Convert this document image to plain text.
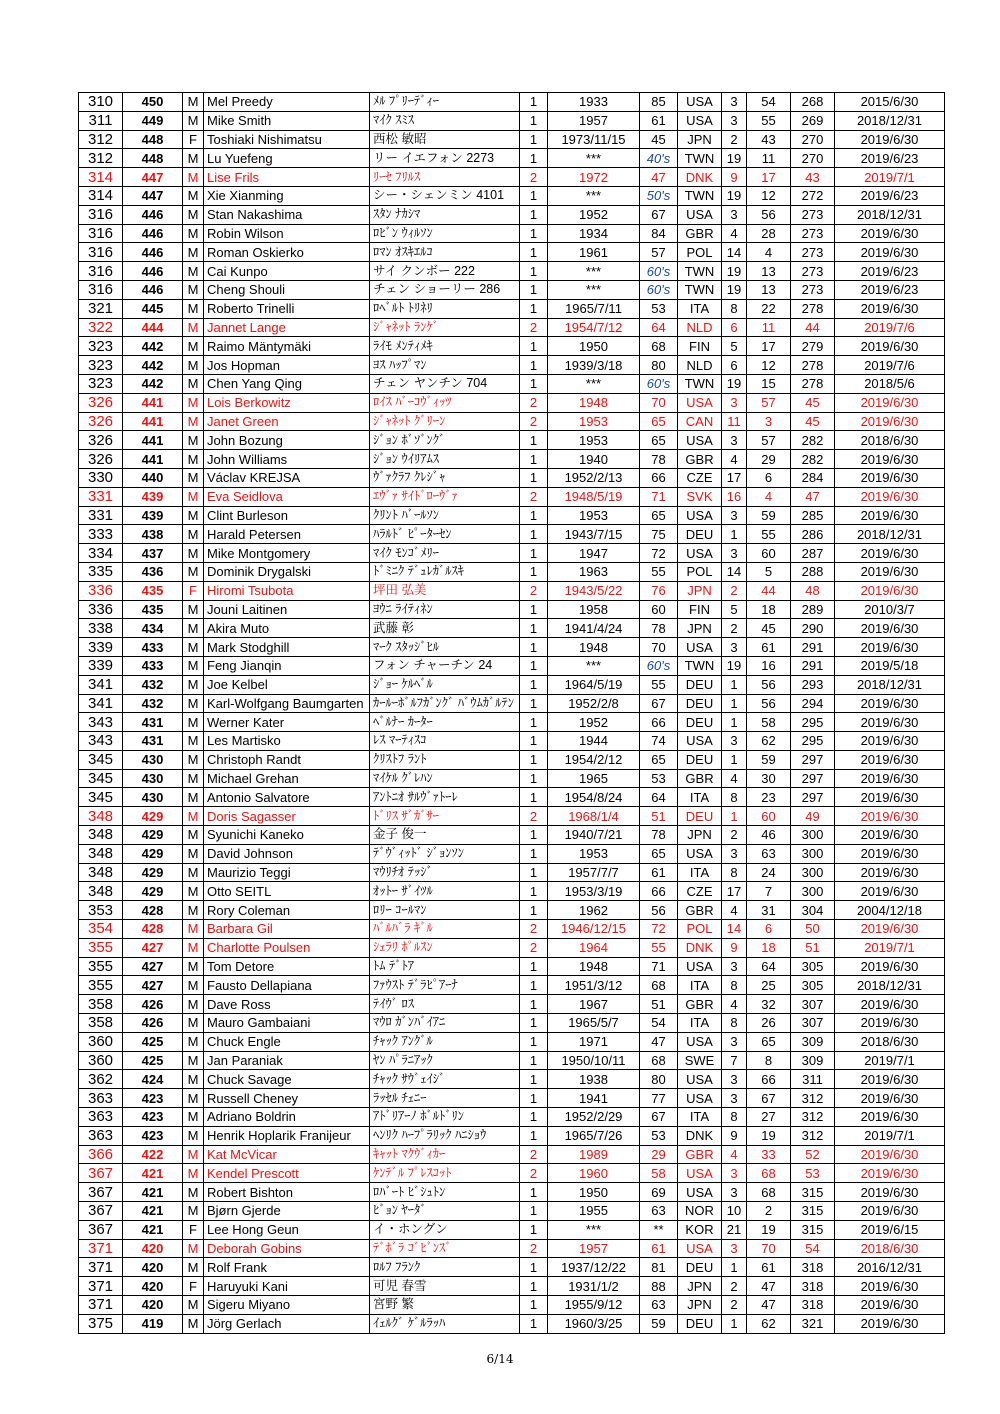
310	450	M	Mel Preedy	ﾒﾙ ﾌﾟﾘｰﾃﾞｨｰ	1	1933	85	USA	3	54	268	2015/6/30
311	449	M	Mike Smith	ﾏｲｸ ｽﾐｽ	1	1957	61	USA	3	55	269	2018/12/31
312	448	F	Toshiaki Nishimatsu	西松 敏昭	1	1973/11/15	45	JPN	2	43	270	2019/6/30
312	448	M	Lu Yuefeng	リー イエフォン 2273	1	***	40's	TWN	19	11	270	2019/6/23
314	447	M	Lise Frils	ﾘｰｾ ﾌﾘﾙｽ	2	1972	47	DNK	9	17	43	2019/7/1
314	447	M	Xie Xianming	シー・シェンミン 4101	1	***	50's	TWN	19	12	272	2019/6/23
316	446	M	Stan Nakashima	ｽﾀﾝ ﾅｶｼﾏ	1	1952	67	USA	3	56	273	2018/12/31
316	446	M	Robin Wilson	ﾛﾋﾞﾝ ｳｨﾙｿﾝ	1	1934	84	GBR	4	28	273	2019/6/30
316	446	M	Roman Oskierko	ﾛﾏﾝ ｵｽｷｴﾙｺ	1	1961	57	POL	14	4	273	2019/6/30
316	446	M	Cai Kunpo	サイ クンボー 222	1	***	60's	TWN	19	13	273	2019/6/23
316	446	M	Cheng Shouli	チェン ショーリー 286	1	***	60's	TWN	19	13	273	2019/6/23
321	445	M	Roberto Trinelli	ﾛﾍﾞﾙﾄ ﾄﾘﾈﾘ	1	1965/7/11	53	ITA	8	22	278	2019/6/30
322	444	M	Jannet Lange	ｼﾞｬﾈｯﾄ ﾗﾝｹﾞ	2	1954/7/12	64	NLD	6	11	44	2019/7/6
323	442	M	Raimo Mäntymäki	ﾗｲﾓ ﾒﾝﾃｨﾒｷ	1	1950	68	FIN	5	17	279	2019/6/30
323	442	M	Jos Hopman	ﾖｽ ﾊｯﾌﾟﾏﾝ	1	1939/3/18	80	NLD	6	12	278	2019/7/6
323	442	M	Chen Yang Qing	チェン ヤンチン 704	1	***	60's	TWN	19	15	278	2018/5/6
326	441	M	Lois Berkowitz	ﾛｲｽ ﾊﾞｰｺｳﾞｨｯﾂ	2	1948	70	USA	3	57	45	2019/6/30
326	441	M	Janet Green	ｼﾞｬﾈｯﾄ ｸﾞﾘｰﾝ	2	1953	65	CAN	11	3	45	2019/6/30
326	441	M	John Bozung	ｼﾞｮﾝ ﾎﾞｿﾞﾝｸﾞ	1	1953	65	USA	3	57	282	2018/6/30
326	441	M	John Williams	ｼﾞｮﾝ ｳｲﾘｱﾑｽ	1	1940	78	GBR	4	29	282	2019/6/30
330	440	M	Václav KREJSA	ｳﾞｧｸﾗﾌ ｸﾚｼﾞｬ	1	1952/2/13	66	CZE	17	6	284	2019/6/30
331	439	M	Eva Seidlova	ｴｳﾞｧ ｻｲﾄﾞﾛｰｳﾞｧ	2	1948/5/19	71	SVK	16	4	47	2019/6/30
331	439	M	Clint Burleson	ｸﾘﾝﾄ ﾊﾞｰﾙｿﾝ	1	1953	65	USA	3	59	285	2019/6/30
333	438	M	Harald Petersen	ﾊﾗﾙﾄﾞ ﾋﾟｰﾀｰｾﾝ	1	1943/7/15	75	DEU	1	55	286	2018/12/31
334	437	M	Mike Montgomery	ﾏｲｸ ﾓﾝｺﾞﾒﾘｰ	1	1947	72	USA	3	60	287	2019/6/30
335	436	M	Dominik Drygalski	ﾄﾞﾐﾆｸ ﾃﾞｭﾚｶﾞﾙｽｷ	1	1963	55	POL	14	5	288	2019/6/30
336	435	F	Hiromi Tsubota	坪田 弘美	2	1943/5/22	76	JPN	2	44	48	2019/6/30
336	435	M	Jouni Laitinen	ﾖｳﾆ ﾗｲﾃｨﾈﾝ	1	1958	60	FIN	5	18	289	2010/3/7
338	434	M	Akira Muto	武藤 彰	1	1941/4/24	78	JPN	2	45	290	2019/6/30
339	433	M	Mark Stodghill	ﾏｰｸ ｽﾀｯｼﾞﾋﾙ	1	1948	70	USA	3	61	291	2019/6/30
339	433	M	Feng Jianqin	フォン チャーチン 24	1	***	60's	TWN	19	16	291	2019/5/18
341	432	M	Joe Kelbel	ｼﾞｮｰ ｹﾙﾍﾞﾙ	1	1964/5/19	55	DEU	1	56	293	2018/12/31
341	432	M	Karl-Wolfgang Baumgarten	ｶｰﾙｰﾎﾞﾙﾌｶﾞﾝｸﾞ ﾊﾞｳﾑｶﾞﾙﾃﾝ	1	1952/2/8	67	DEU	1	56	294	2019/6/30
343	431	M	Werner Kater	ﾍﾞﾙﾅｰ ｶｰﾀｰ	1	1952	66	DEU	1	58	295	2019/6/30
343	431	M	Les Martisko	ﾚｽ ﾏｰﾃｨｽｺ	1	1944	74	USA	3	62	295	2019/6/30
345	430	M	Christoph Randt	ｸﾘｽﾄﾌ ﾗﾝﾄ	1	1954/2/12	65	DEU	1	59	297	2019/6/30
345	430	M	Michael Grehan	ﾏｲｹﾙ ｸﾞﾚﾊﾝ	1	1965	53	GBR	4	30	297	2019/6/30
345	430	M	Antonio Salvatore	ｱﾝﾄﾆｵ ｻﾙｳﾞｧﾄｰﾚ	1	1954/8/24	64	ITA	8	23	297	2019/6/30
348	429	M	Doris Sagasser	ﾄﾞﾘｽ ｻﾞｶﾞｻｰ	2	1968/1/4	51	DEU	1	60	49	2019/6/30
348	429	M	Syunichi Kaneko	金子 俊一	1	1940/7/21	78	JPN	2	46	300	2019/6/30
348	429	M	David Johnson	ﾃﾞｳﾞｨｯﾄﾞ ｼﾞｮﾝｿﾝ	1	1953	65	USA	3	63	300	2019/6/30
348	429	M	Maurizio Teggi	ﾏｳﾘﾁｵ ﾃｯｼﾞ	1	1957/7/7	61	ITA	8	24	300	2019/6/30
348	429	M	Otto SEITL	ｵｯﾄｰ ｻﾞｲﾂﾙ	1	1953/3/19	66	CZE	17	7	300	2019/6/30
353	428	M	Rory Coleman	ﾛﾘｰ ｺｰﾙﾏﾝ	1	1962	56	GBR	4	31	304	2004/12/18
354	428	M	Barbara Gil	ﾊﾞﾙﾊﾞﾗ ｷﾞﾙ	2	1946/12/15	72	POL	14	6	50	2019/6/30
355	427	M	Charlotte Poulsen	ｼｪﾗﾘ ﾎﾟﾙｽﾝ	2	1964	55	DNK	9	18	51	2019/7/1
355	427	M	Tom Detore	ﾄﾑ ﾃﾞﾄｱ	1	1948	71	USA	3	64	305	2019/6/30
355	427	M	Fausto Dellapiana	ﾌｧｳｽﾄ ﾃﾞﾗﾋﾟｱｰﾅ	1	1951/3/12	68	ITA	8	25	305	2018/12/31
358	426	M	Dave Ross	ﾃｲｳﾞ ﾛｽ	1	1967	51	GBR	4	32	307	2019/6/30
358	426	M	Mauro Gambaiani	ﾏｳﾛ ｶﾞﾝﾊﾞｲｱﾆ	1	1965/5/7	54	ITA	8	26	307	2019/6/30
360	425	M	Chuck Engle	ﾁｬｯｸ ｱﾝｸﾞﾙ	1	1971	47	USA	3	65	309	2018/6/30
360	425	M	Jan Paraniak	ﾔﾝ ﾊﾟﾗﾆｱｯｸ	1	1950/10/11	68	SWE	7	8	309	2019/7/1
362	424	M	Chuck Savage	ﾁｬｯｸ ｻｳﾞｪｲｼﾞ	1	1938	80	USA	3	66	311	2019/6/30
363	423	M	Russell Cheney	ﾗｯｾﾙ ﾁｪﾆｰ	1	1941	77	USA	3	67	312	2019/6/30
363	423	M	Adriano Boldrin	ｱﾄﾞﾘｱｰﾉ ﾎﾞﾙﾄﾞﾘﾝ	1	1952/2/29	67	ITA	8	27	312	2019/6/30
363	423	M	Henrik Hoplarik Franijeur	ﾍﾝﾘｸ ﾊｰﾌﾟﾗﾘｯｸ ﾊﾆｼｮｳ	1	1965/7/26	53	DNK	9	19	312	2019/7/1
366	422	M	Kat McVicar	ｷｬｯﾄ ﾏｸｳﾞｨｶｰ	2	1989	29	GBR	4	33	52	2019/6/30
367	421	M	Kendel Prescott	ｹﾝﾃﾞﾙ ﾌﾟﾚｽｺｯﾄ	2	1960	58	USA	3	68	53	2019/6/30
367	421	M	Robert Bishton	ﾛﾊﾞｰﾄ ﾋﾞｼｭﾄﾝ	1	1950	69	USA	3	68	315	2019/6/30
367	421	M	Bjørn Gjerde	ﾋﾞｮﾝ ﾔｰﾀﾞ	1	1955	63	NOR	10	2	315	2019/6/30
367	421	F	Lee Hong Geun	イ・ホングン	1	***	**	KOR	21	19	315	2019/6/15
371	420	M	Deborah Gobins	ﾃﾞﾎﾞﾗ ｺﾞﾋﾞﾝｽﾞ	2	1957	61	USA	3	70	54	2018/6/30
371	420	M	Rolf Frank	ﾛﾙﾌ ﾌﾗﾝｸ	1	1937/12/22	81	DEU	1	61	318	2016/12/31
371	420	F	Haruyuki Kani	可児 春雪	1	1931/1/2	88	JPN	2	47	318	2019/6/30
371	420	M	Sigeru Miyano	宮野 繁	1	1955/9/12	63	JPN	2	47	318	2019/6/30
375	419	M	Jörg Gerlach	ｲｪﾙｸﾞ ｹﾞﾙﾗｯﾊ	1	1960/3/25	59	DEU	1	62	321	2019/6/30
6/14
